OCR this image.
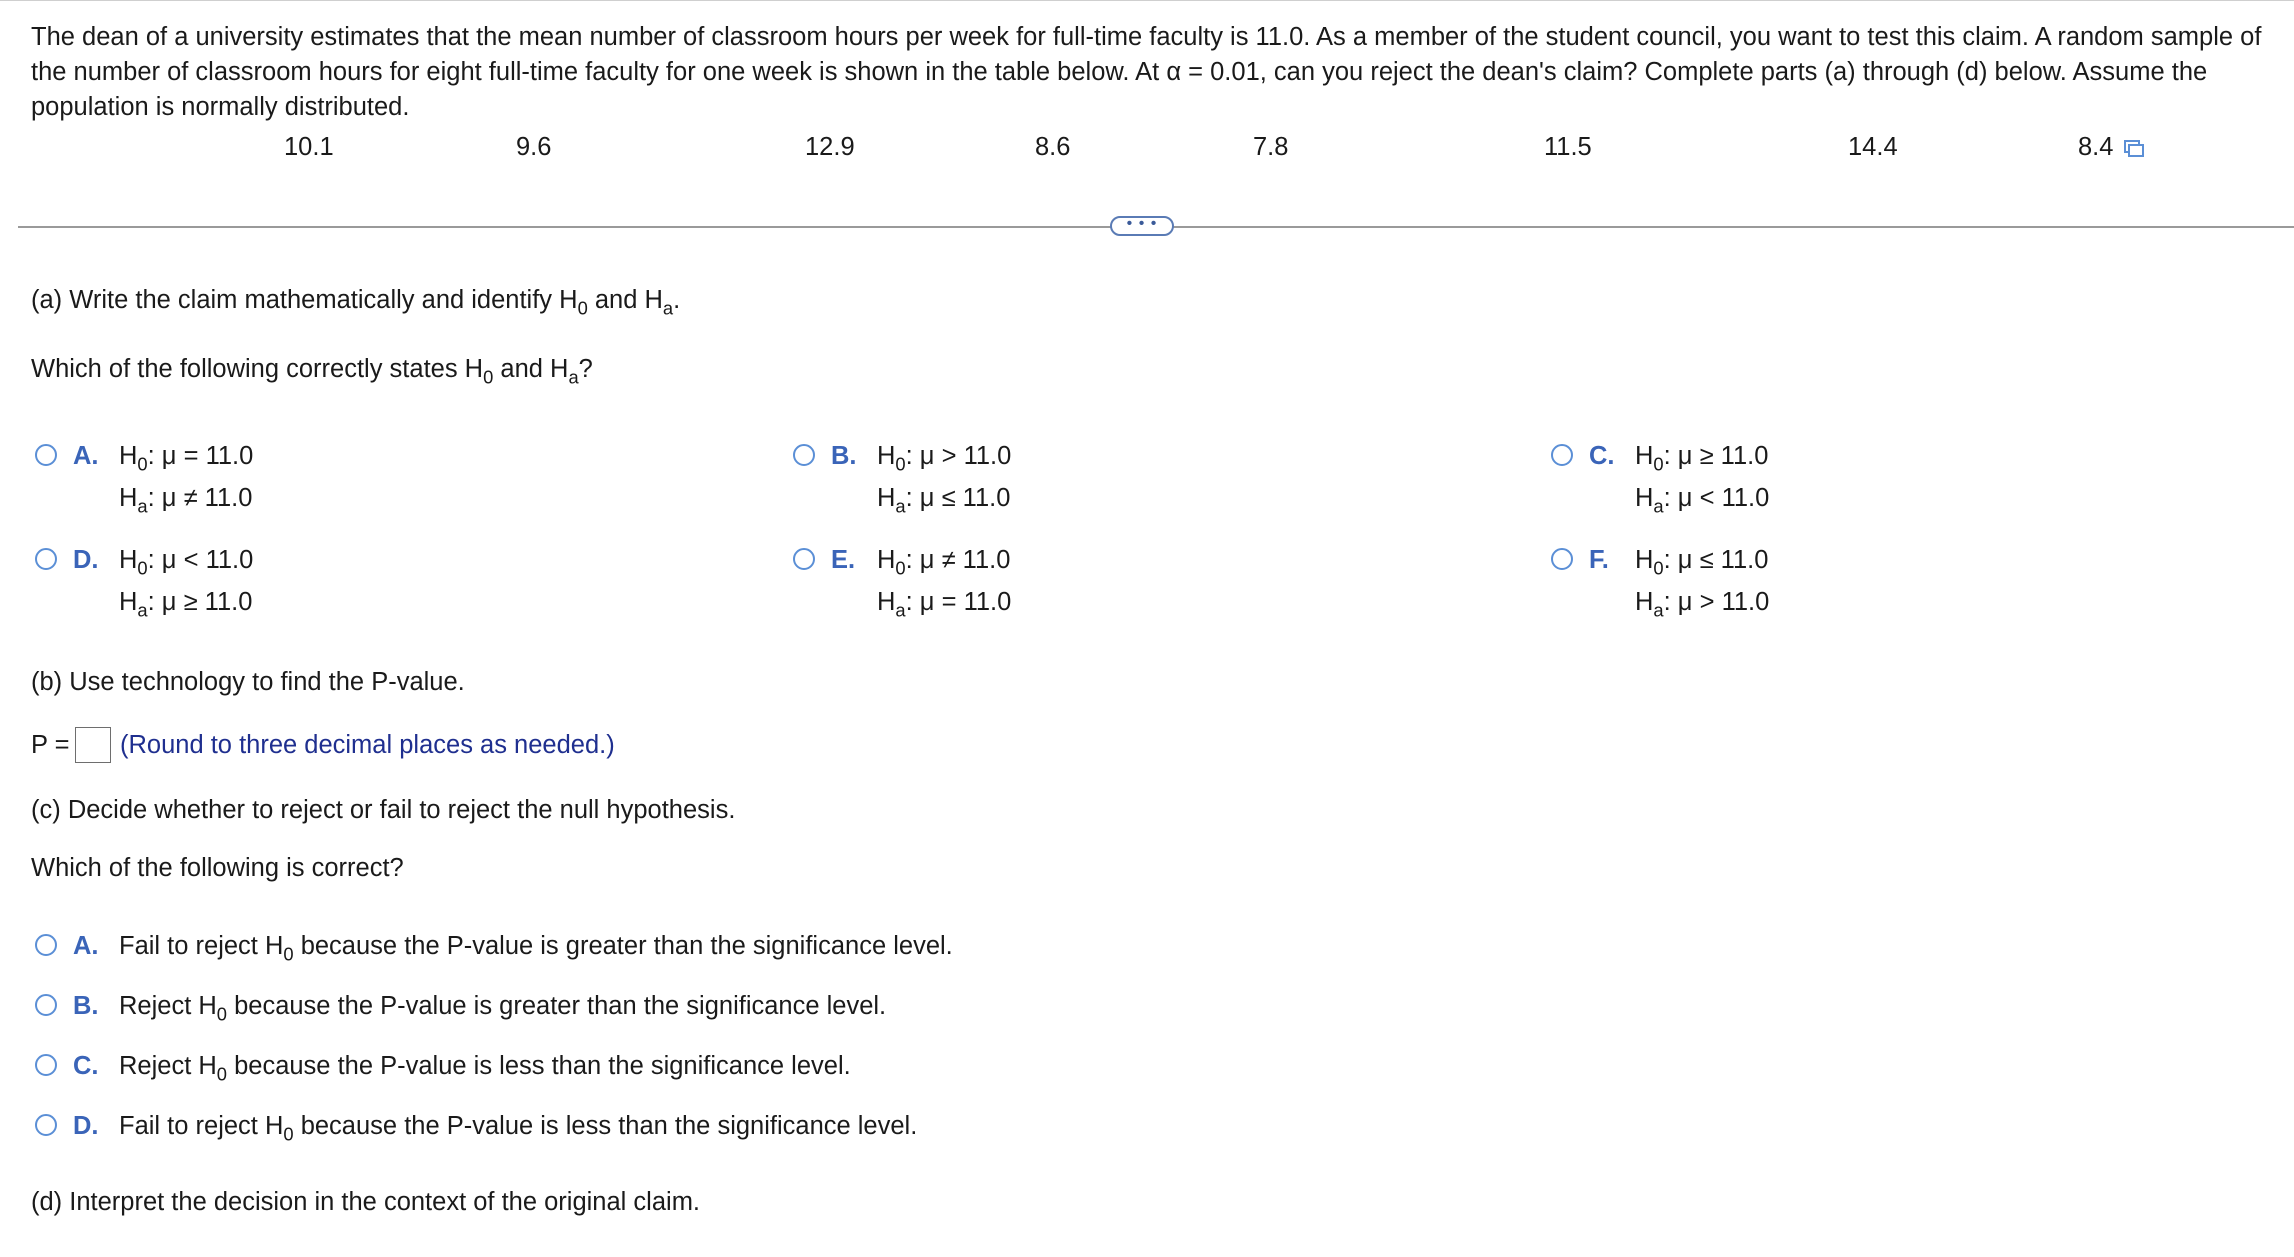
The dean of a university estimates that the mean number of classroom hours per week for full-time faculty is 11.0. As a member of the student council, you want to test this claim. A random sample of the number of classroom hours for eight full-time faculty for one week is shown in the table below. At α = 0.01, can you reject the dean's claim? Complete parts (a) through (d) below. Assume the population is normally distributed.
10.1	9.6	12.9	8.6	7.8	11.5	14.4	8.4
• • •
(a) Write the claim mathematically and identify $H_0$ and $H_a$.
Which of the following correctly states $H_0$ and $H_a$?
A. $H_0$: μ = 11.0
$H_a$: μ ≠ 11.0
B. $H_0$: μ > 11.0
$H_a$: μ ≤ 11.0
C. $H_0$: μ ≥ 11.0
$H_a$: μ < 11.0
D. $H_0$: μ < 11.0
$H_a$: μ ≥ 11.0
E. $H_0$: μ ≠ 11.0
$H_a$: μ = 11.0
F. $H_0$: μ ≤ 11.0
$H_a$: μ > 11.0
(b) Use technology to find the P-value.
P = (Round to three decimal places as needed.)
(c) Decide whether to reject or fail to reject the null hypothesis.
Which of the following is correct?
A. Fail to reject $H_0$ because the P-value is greater than the significance level.
B. Reject $H_0$ because the P-value is greater than the significance level.
C. Reject $H_0$ because the P-value is less than the significance level.
D. Fail to reject $H_0$ because the P-value is less than the significance level.
(d) Interpret the decision in the context of the original claim.
